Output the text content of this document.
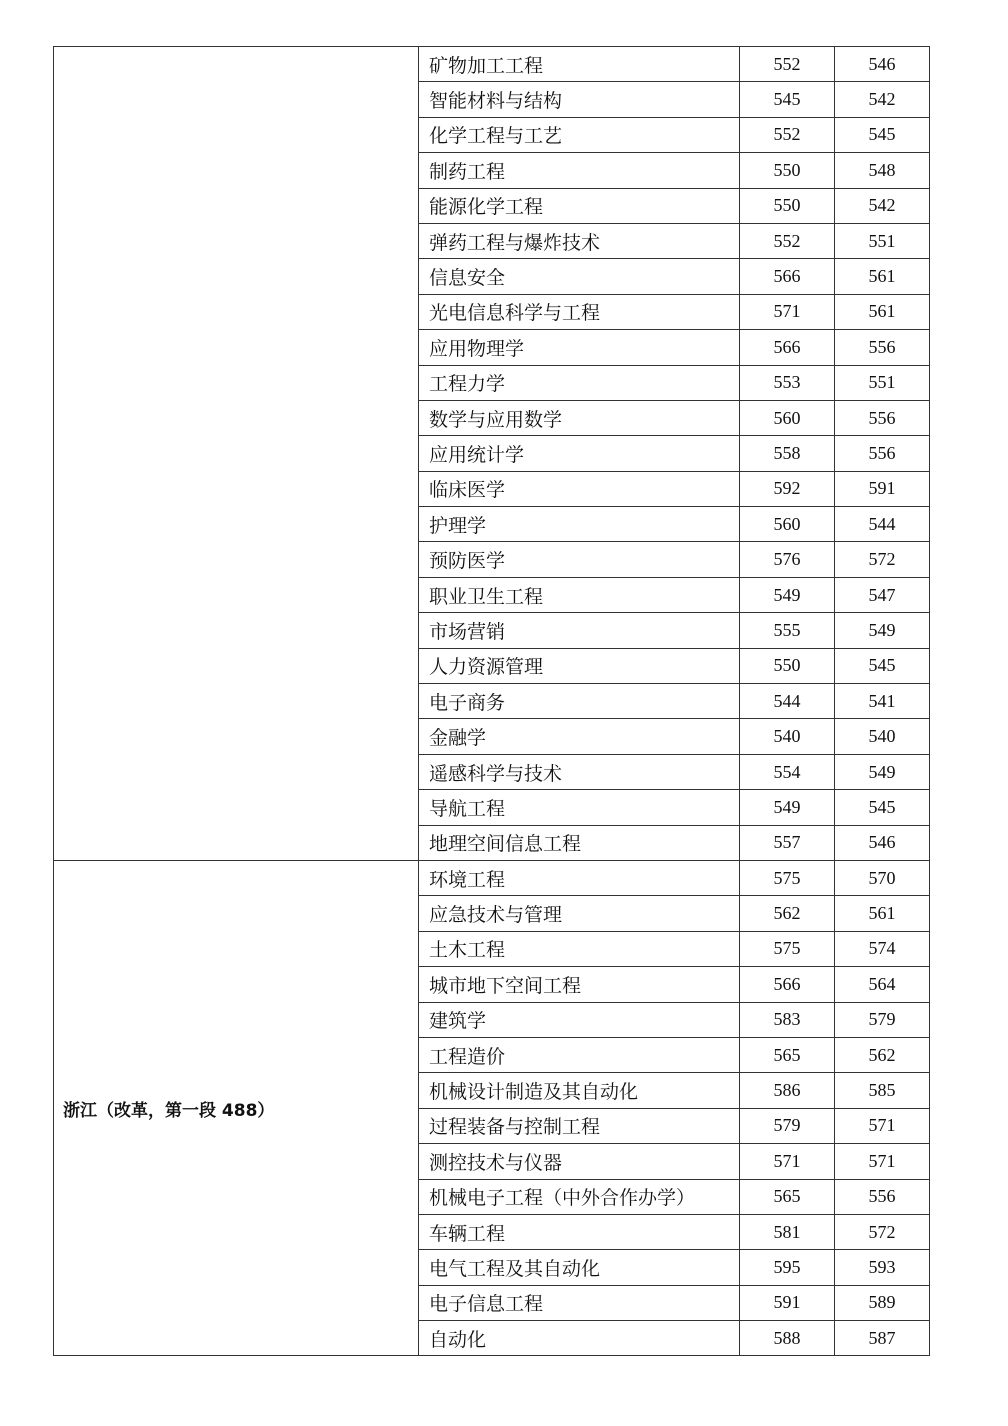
	矿物加工工程	552	546
	智能材料与结构	545	542
	化学工程与工艺	552	545
	制药工程	550	548
	能源化学工程	550	542
	弹药工程与爆炸技术	552	551
	信息安全	566	561
	光电信息科学与工程	571	561
	应用物理学	566	556
	工程力学	553	551
	数学与应用数学	560	556
	应用统计学	558	556
	临床医学	592	591
	护理学	560	544
	预防医学	576	572
	职业卫生工程	549	547
	市场营销	555	549
	人力资源管理	550	545
	电子商务	544	541
	金融学	540	540
	遥感科学与技术	554	549
	导航工程	549	545
	地理空间信息工程	557	546
浙江（改革，第一段 488）	环境工程	575	570
	应急技术与管理	562	561
	土木工程	575	574
	城市地下空间工程	566	564
	建筑学	583	579
	工程造价	565	562
	机械设计制造及其自动化	586	585
	过程装备与控制工程	579	571
	测控技术与仪器	571	571
	机械电子工程（中外合作办学）	565	556
	车辆工程	581	572
	电气工程及其自动化	595	593
	电子信息工程	591	589
	自动化	588	587
